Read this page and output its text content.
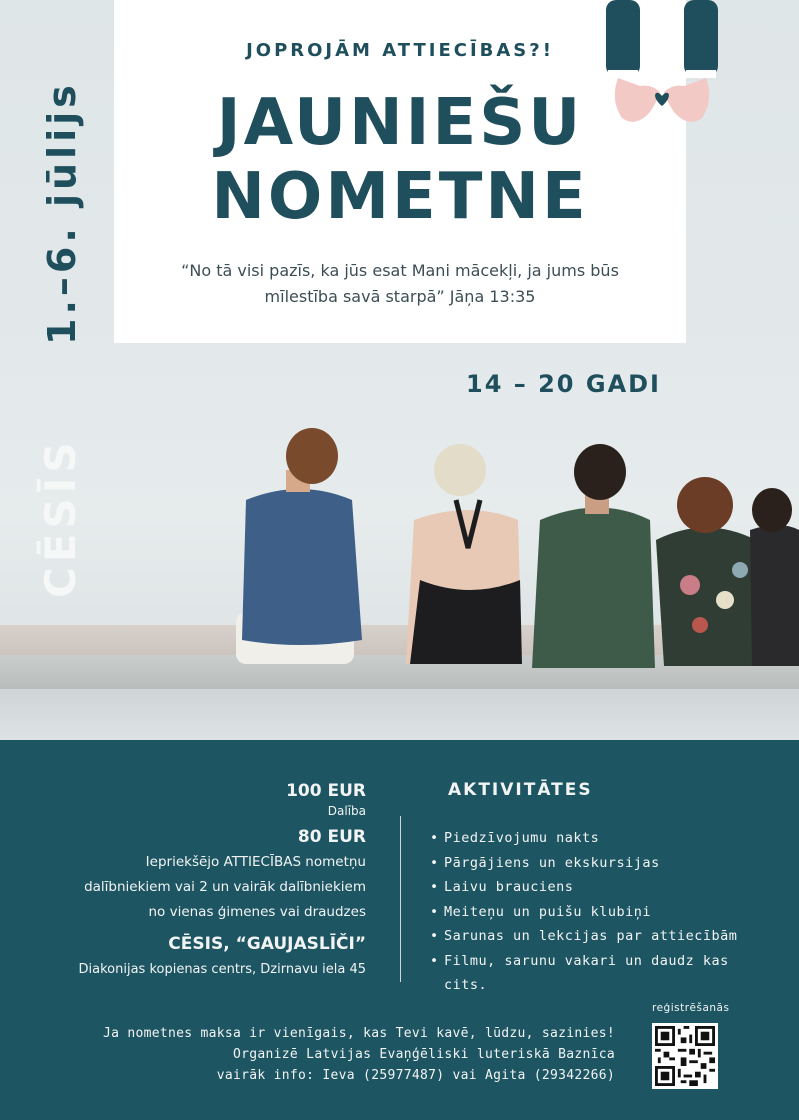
JOPROJĀM ATTIECĪBAS?!
JAUNIEŠU
NOMETNE
“No tā visi pazīs, ka jūs esat Mani mācekļi, ja jums būs
mīlestība savā starpā” Jāņa 13:35
1.–6. jūlijs
CĒSĪS
14 – 20 GADI
100 EUR
Dalība
80 EUR
Iepriekšējo ATTIECĪBAS nometņu
dalībniekiem vai 2 un vairāk dalībniekiem
no vienas ģimenes vai draudzes
CĒSIS, “GAUJASLĪČI”
Diakonijas kopienas centrs, Dzirnavu iela 45
AKTIVITĀTES
• Piedzīvojumu nakts
• Pārgājiens un ekskursijas
• Laivu brauciens
• Meiteņu un puišu klubiņi
• Sarunas un lekcijas par attiecībām
• Filmu, sarunu vakari un daudz kas
cits.
Ja nometnes maksa ir vienīgais, kas Tevi kavē, lūdzu, sazinies!
Organizē Latvijas Evaņģēliski luteriskā Baznīca
vairāk info: Ieva (25977487) vai Agita (29342266)
reģistrēšanās
